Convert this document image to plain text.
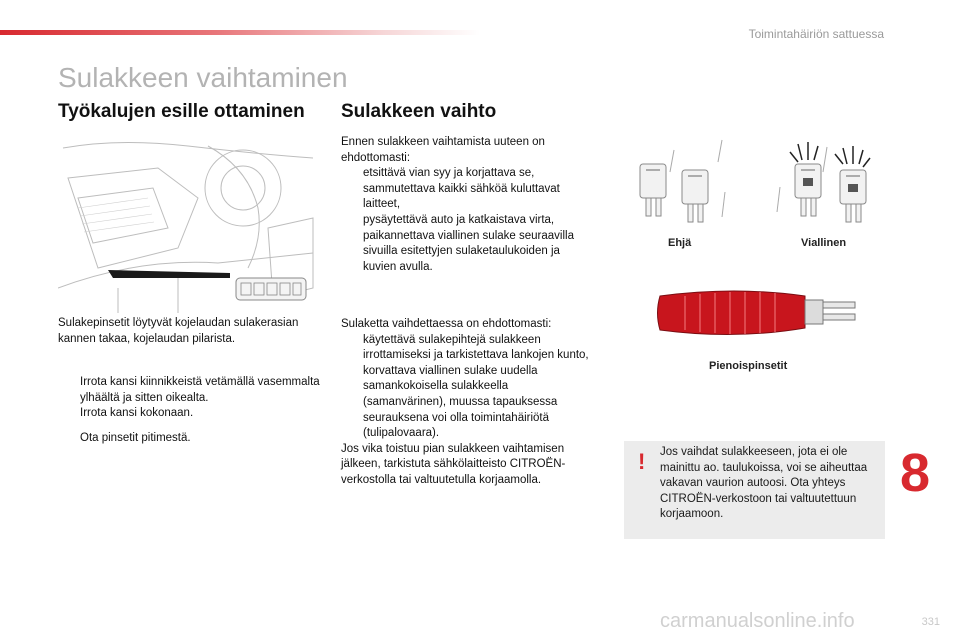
Toimintahäiriön sattuessa
Sulakkeen vaihtaminen
Työkalujen esille ottaminen
Sulakepinsetit löytyvät kojelaudan sulakerasian kannen takaa, kojelaudan pilarista.
Irrota kansi kiinnikkeistä vetämällä vasemmalta ylhäältä ja sitten oikealta.
Irrota kansi kokonaan.
Ota pinsetit pitimestä.
Sulakkeen vaihto
Ennen sulakkeen vaihtamista uuteen on ehdottomasti:
etsittävä vian syy ja korjattava se,
sammutettava kaikki sähköä kuluttavat laitteet,
pysäytettävä auto ja katkaistava virta,
paikannettava viallinen sulake seuraavilla sivuilla esitettyjen sulaketaulukoiden ja kuvien avulla.
Sulaketta vaihdettaessa on ehdottomasti:
käytettävä sulakepihtejä sulakkeen irrottamiseksi ja tarkistettava lankojen kunto,
korvattava viallinen sulake uudella samankokoisella sulakkeella (samanvärinen), muussa tapauksessa seurauksena voi olla toimintahäiriötä (tulipalovaara).
Jos vika toistuu pian sulakkeen vaihtamisen jälkeen, tarkistuta sähkölaitteisto CITROËN-verkostolla tai valtuutetulla korjaamolla.
Ehjä	Viallinen
Pienoispinsetit
! Jos vaihdat sulakkeeseen, jota ei ole mainittu ao. taulukoissa, voi se aiheuttaa vakavan vaurion autoosi. Ota yhteys CITROËN-verkostoon tai valtuutettuun korjaamoon.
8
carmanualsonline.info	331
